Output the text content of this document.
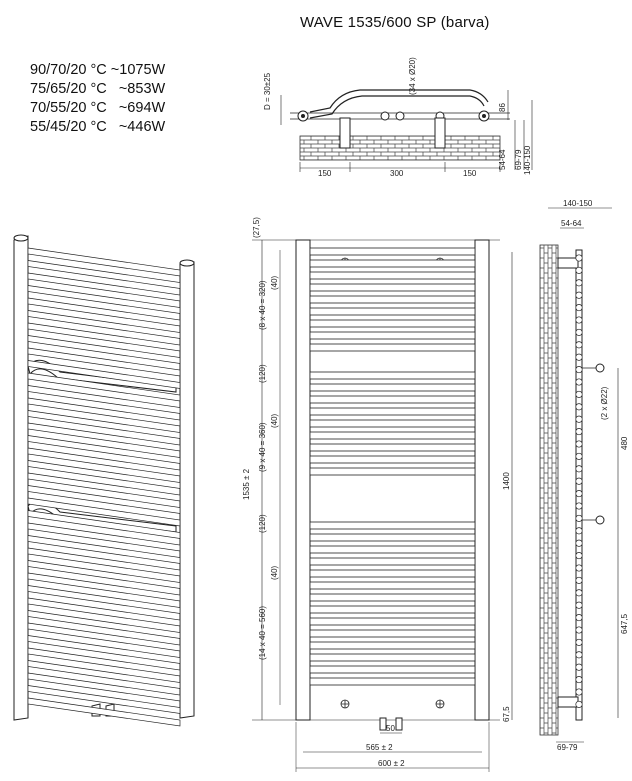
WAVE 1535/600 SP (barva)
90/70/20 °C ~1075W
75/65/20 °C ~853W
70/55/20 °C ~694W
55/45/20 °C ~446W
150	300	150
D = 30±25	(34 x Ø20)
86
54-64 69-79 140-150
(27,5)
(40)
(8 x 40 = 320)
(120)
(40)
(9 x 40 = 360)
(120)
(40)
(14 x 40 = 560)
1535 ± 2	1400
67,5
50
565 ± 2
600 ± 2
140-150
54-64
(2 x Ø22)
480
647,5
69-79
